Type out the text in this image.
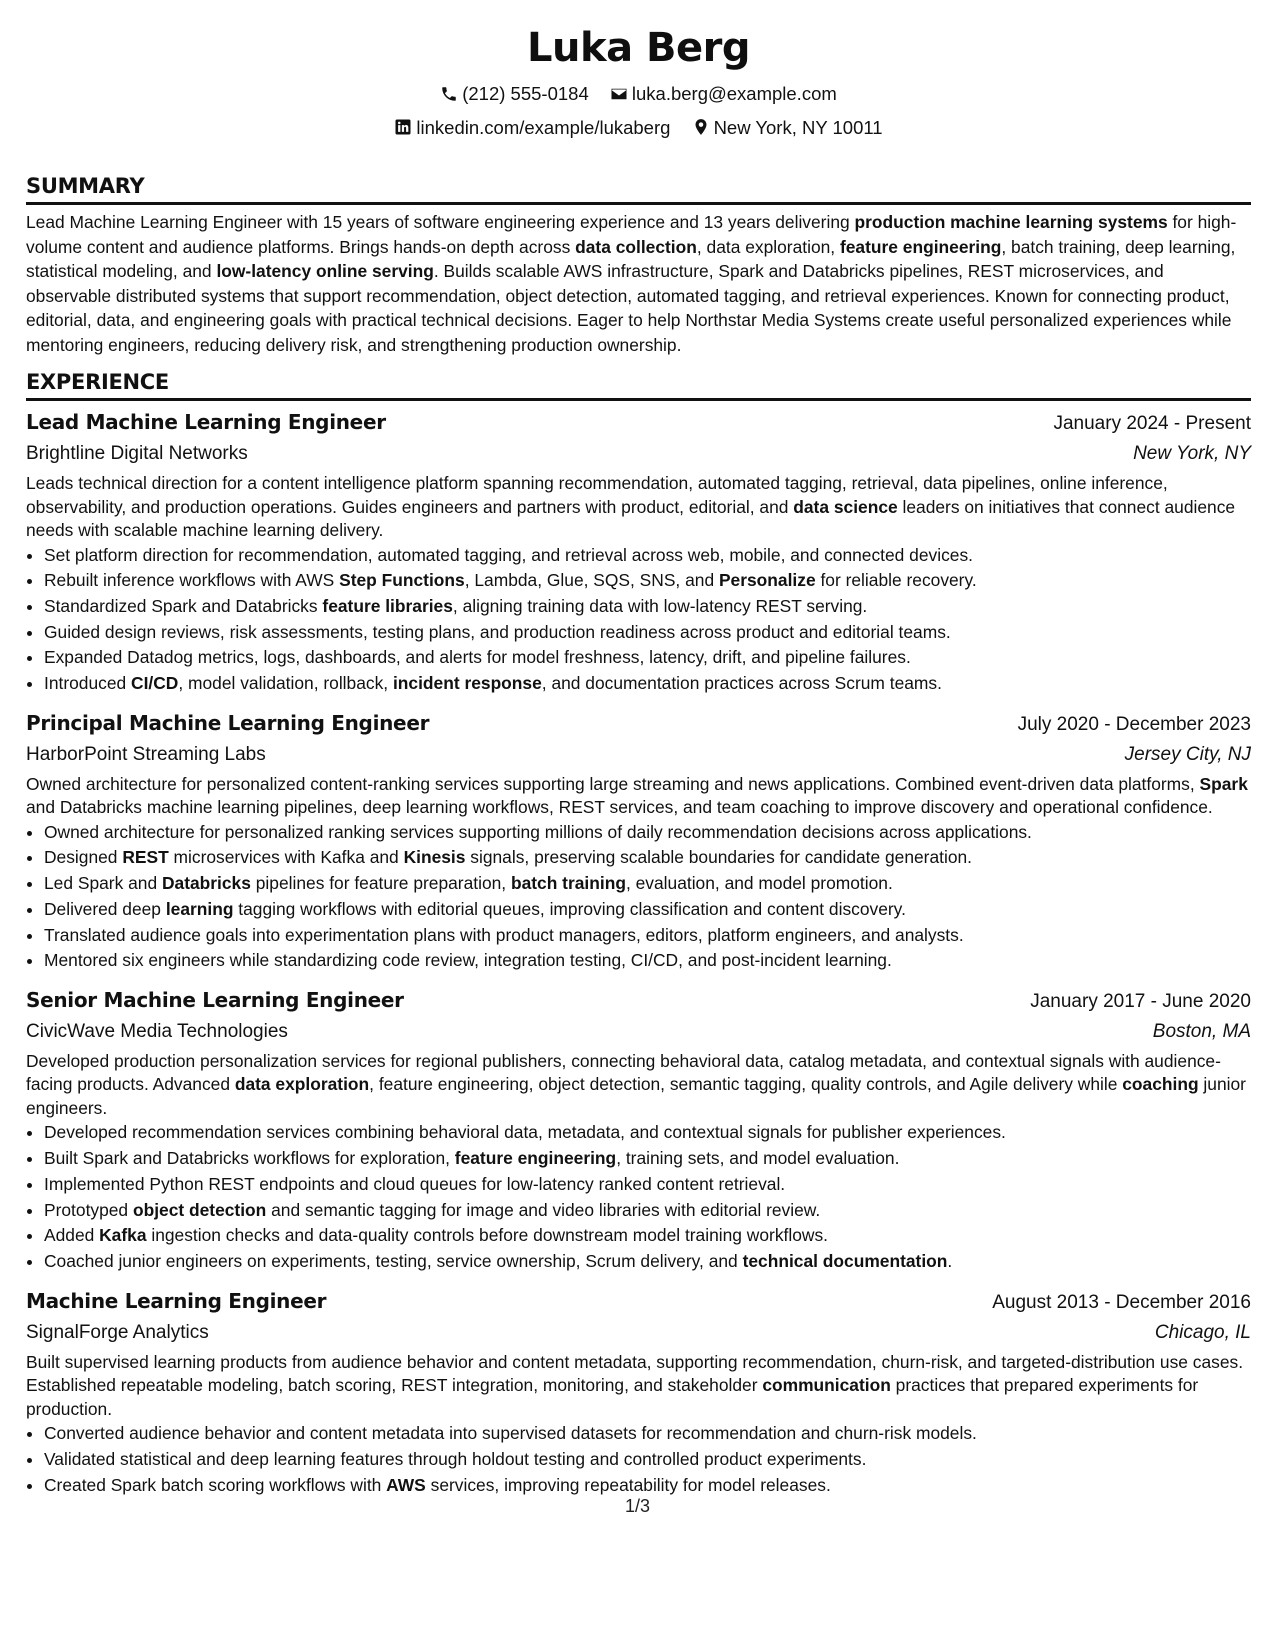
Luka Berg
(212) 555-0184
luka.berg@example.com
linkedin.com/example/lukaberg
New York, NY 10011
SUMMARY

Lead Machine Learning Engineer with 15 years of software engineering experience and 13 years delivering production machine learning systems for high-volume content and audience platforms. Brings hands-on depth across data collection, data exploration, feature engineering, batch training, deep learning, statistical modeling, and low-latency online serving. Builds scalable AWS infrastructure, Spark and Databricks pipelines, REST microservices, and observable distributed systems that support recommendation, object detection, automated tagging, and retrieval experiences. Known for connecting product, editorial, data, and engineering goals with practical technical decisions. Eager to help Northstar Media Systems create useful personalized experiences while mentoring engineers, reducing delivery risk, and strengthening production ownership.

EXPERIENCE
Lead Machine Learning Engineer	January 2024 - Present
Brightline Digital Networks	New York, NY

Leads technical direction for a content intelligence platform spanning recommendation, automated tagging, retrieval, data pipelines, online inference, observability, and production operations. Guides engineers and partners with product, editorial, and data science leaders on initiatives that connect audience needs with scalable machine learning delivery.

• Set platform direction for recommendation, automated tagging, and retrieval across web, mobile, and connected devices.
• Rebuilt inference workflows with AWS Step Functions, Lambda, Glue, SQS, SNS, and Personalize for reliable recovery.
• Standardized Spark and Databricks feature libraries, aligning training data with low-latency REST serving.
• Guided design reviews, risk assessments, testing plans, and production readiness across product and editorial teams.
• Expanded Datadog metrics, logs, dashboards, and alerts for model freshness, latency, drift, and pipeline failures.
• Introduced CI/CD, model validation, rollback, incident response, and documentation practices across Scrum teams.
Principal Machine Learning Engineer	July 2020 - December 2023
HarborPoint Streaming Labs	Jersey City, NJ

Owned architecture for personalized content-ranking services supporting large streaming and news applications. Combined event-driven data platforms, Spark and Databricks machine learning pipelines, deep learning workflows, REST services, and team coaching to improve discovery and operational confidence.

• Owned architecture for personalized ranking services supporting millions of daily recommendation decisions across applications.
• Designed REST microservices with Kafka and Kinesis signals, preserving scalable boundaries for candidate generation.
• Led Spark and Databricks pipelines for feature preparation, batch training, evaluation, and model promotion.
• Delivered deep learning tagging workflows with editorial queues, improving classification and content discovery.
• Translated audience goals into experimentation plans with product managers, editors, platform engineers, and analysts.
• Mentored six engineers while standardizing code review, integration testing, CI/CD, and post-incident learning.
Senior Machine Learning Engineer	January 2017 - June 2020
CivicWave Media Technologies	Boston, MA

Developed production personalization services for regional publishers, connecting behavioral data, catalog metadata, and contextual signals with audience-facing products. Advanced data exploration, feature engineering, object detection, semantic tagging, quality controls, and Agile delivery while coaching junior engineers.

• Developed recommendation services combining behavioral data, metadata, and contextual signals for publisher experiences.
• Built Spark and Databricks workflows for exploration, feature engineering, training sets, and model evaluation.
• Implemented Python REST endpoints and cloud queues for low-latency ranked content retrieval.
• Prototyped object detection and semantic tagging for image and video libraries with editorial review.
• Added Kafka ingestion checks and data-quality controls before downstream model training workflows.
• Coached junior engineers on experiments, testing, service ownership, Scrum delivery, and technical documentation.
Machine Learning Engineer	August 2013 - December 2016
SignalForge Analytics	Chicago, IL

Built supervised learning products from audience behavior and content metadata, supporting recommendation, churn-risk, and targeted-distribution use cases. Established repeatable modeling, batch scoring, REST integration, monitoring, and stakeholder communication practices that prepared experiments for production.

• Converted audience behavior and content metadata into supervised datasets for recommendation and churn-risk models.
• Validated statistical and deep learning features through holdout testing and controlled product experiments.
• Created Spark batch scoring workflows with AWS services, improving repeatability for model releases.
1/3
